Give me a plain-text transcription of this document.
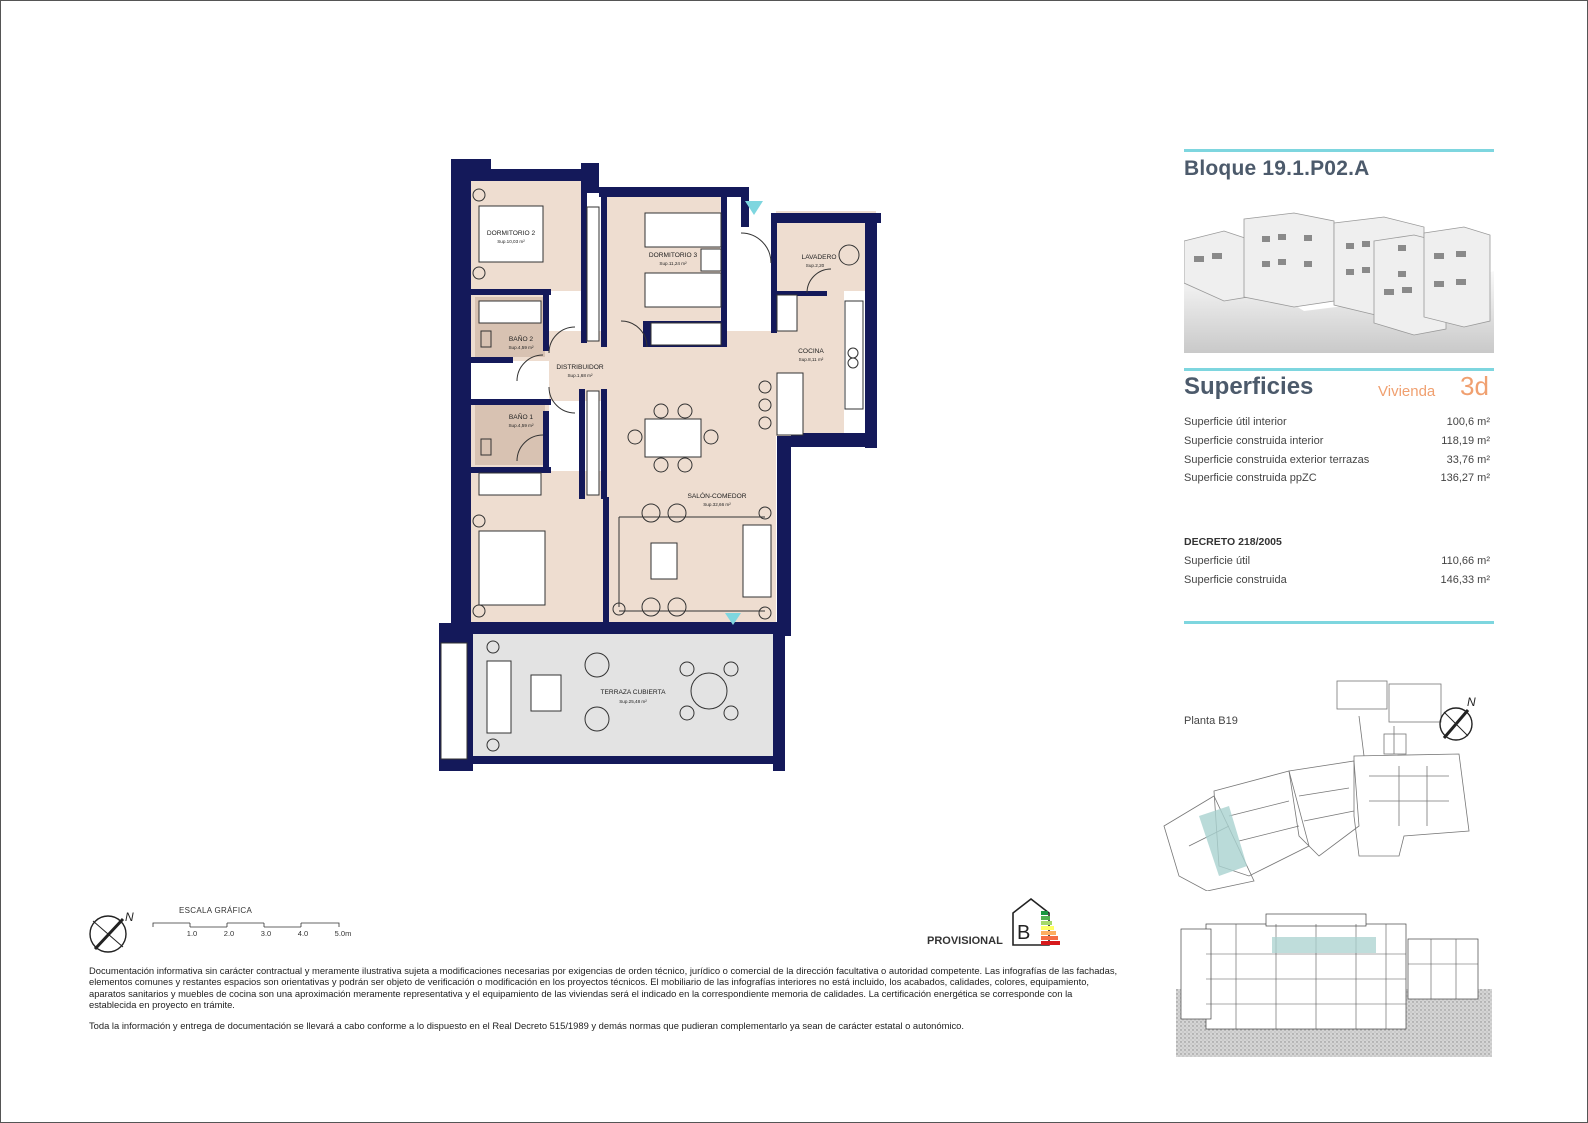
DORMITORIO 2
Sup.10,03 m²
DORMITORIO 3
Sup.11,24 m²
LAVADERO
Sup.2,20
BAÑO 2
Sup.4,59 m²
DISTRIBUIDOR
Sup.1,68 m²
COCINA
Sup.8,11 m²
BAÑO 1
Sup.4,59 m²
SALÓN-COMEDOR
Sup.32,66 m²
TERRAZA CUBIERTA
Sup.25,48 m²
Bloque 19.1.P02.A
Superficies	Vivienda 3d
Superficie útil interior	100,6 m²
Superficie construida interior	118,19 m²
Superficie construida exterior terrazas	33,76 m²
Superficie construida ppZC	136,27 m²
DECRETO 218/2005
Superficie útil	110,66 m²
Superficie construida	146,33 m²
Planta B19
N
N	ESCALA GRÁFICA
1.0	2.0	3.0	4.0	5.0m	B
PROVISIONAL
Documentación informativa sin carácter contractual y meramente ilustrativa sujeta a modificaciones necesarias por exigencias de orden técnico, jurídico o comercial de la dirección facultativa o autoridad competente. Las infografías de las fachadas, elementos comunes y restantes espacios son orientativas y podrán ser objeto de verificación o modificación en los proyectos técnicos. El mobiliario de las infografías interiores no está incluido, los acabados, calidades, colores, equipamiento, aparatos sanitarios y muebles de cocina son una aproximación meramente representativa y el equipamiento de las viviendas será el indicado en la correspondiente memoria de calidades. La certificación energética se corresponde con la establecida en proyecto en trámite.
Toda la información y entrega de documentación se llevará a cabo conforme a lo dispuesto en el Real Decreto 515/1989 y demás normas que pudieran complementarlo ya sean de carácter estatal o autonómico.
